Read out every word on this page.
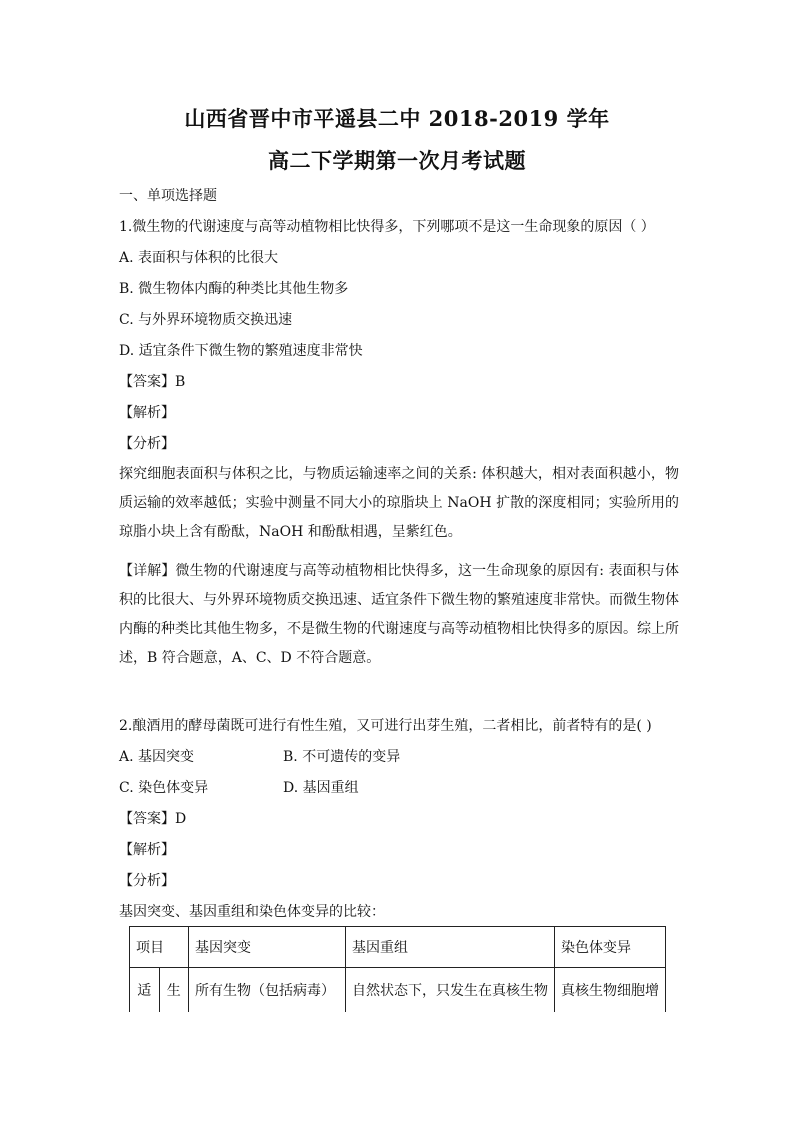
山西省晋中市平遥县二中 2018-2019 学年
高二下学期第一次月考试题
一、单项选择题
1.微生物的代谢速度与高等动植物相比快得多，下列哪项不是这一生命现象的原因（ ）
A. 表面积与体积的比很大
B. 微生物体内酶的种类比其他生物多
C. 与外界环境物质交换迅速
D. 适宜条件下微生物的繁殖速度非常快
【答案】B
【解析】
【分析】
探究细胞表面积与体积之比，与物质运输速率之间的关系: 体积越大，相对表面积越小，物质运输的效率越低；实验中测量不同大小的琼脂块上 NaOH 扩散的深度相同；实验所用的琼脂小块上含有酚酞，NaOH 和酚酞相遇，呈紫红色。
【详解】微生物的代谢速度与高等动植物相比快得多，这一生命现象的原因有: 表面积与体积的比很大、与外界环境物质交换迅速、适宜条件下微生物的繁殖速度非常快。而微生物体内酶的种类比其他生物多，不是微生物的代谢速度与高等动植物相比快得多的原因。综上所述，B 符合题意，A、C、D 不符合题意。
2.酿酒用的酵母菌既可进行有性生殖，又可进行出芽生殖，二者相比，前者特有的是( )
A. 基因突变	B. 不可遗传的变异
C. 染色体变异	D. 基因重组
【答案】D
【解析】
【分析】
基因突变、基因重组和染色体变异的比较：
项目		基因突变	基因重组	染色体变异
适	生	所有生物（包括病毒）	自然状态下，只发生在真核生物	真核生物细胞增
